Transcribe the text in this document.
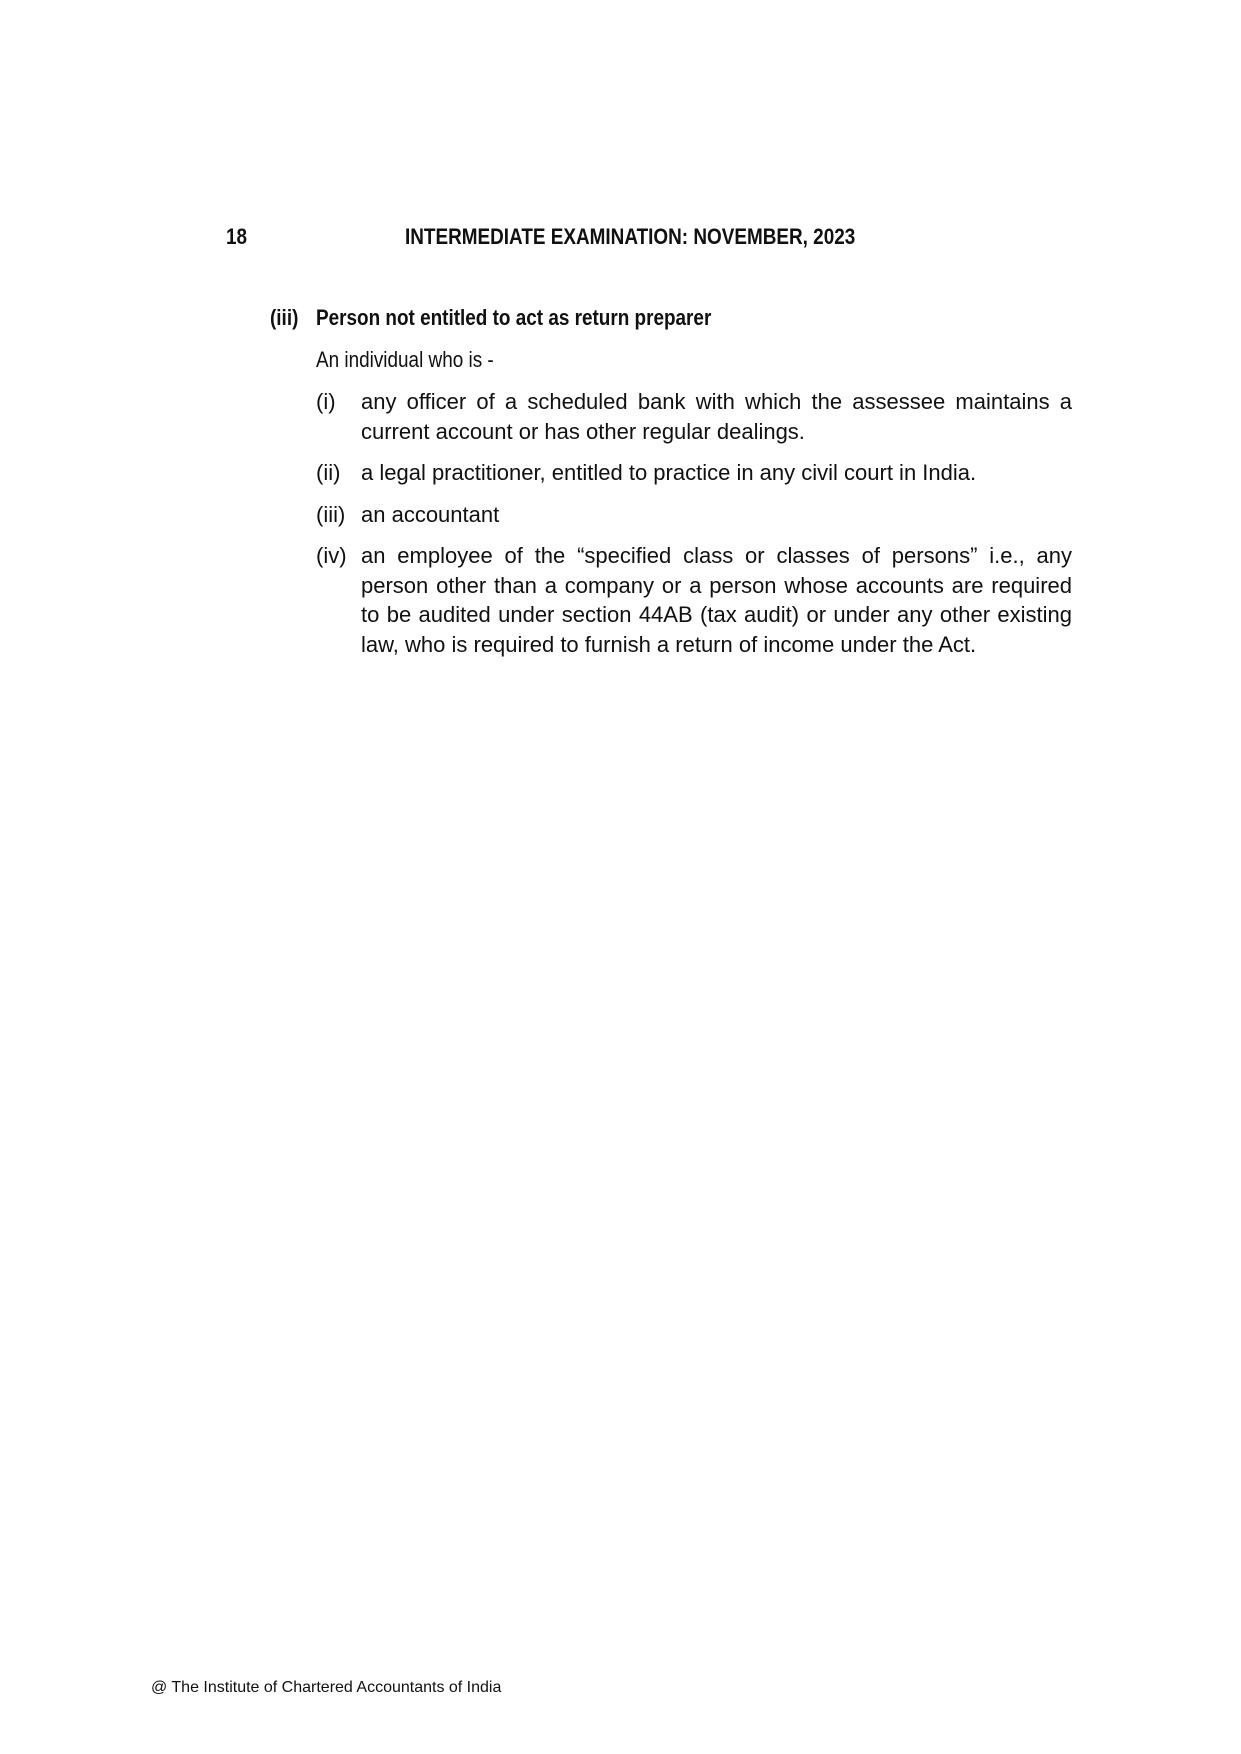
18	INTERMEDIATE EXAMINATION: NOVEMBER, 2023
(iii) Person not entitled to act as return preparer
An individual who is -
(i)	any officer of a scheduled bank with which the assessee maintains a current account or has other regular dealings.
(ii) a legal practitioner, entitled to practice in any civil court in India.
(iii) an accountant
(iv) an employee of the “specified class or classes of persons” i.e., any person other than a company or a person whose accounts are required to be audited under section 44AB (tax audit) or under any other existing law, who is required to furnish a return of income under the Act.
@ The Institute of Chartered Accountants of India
